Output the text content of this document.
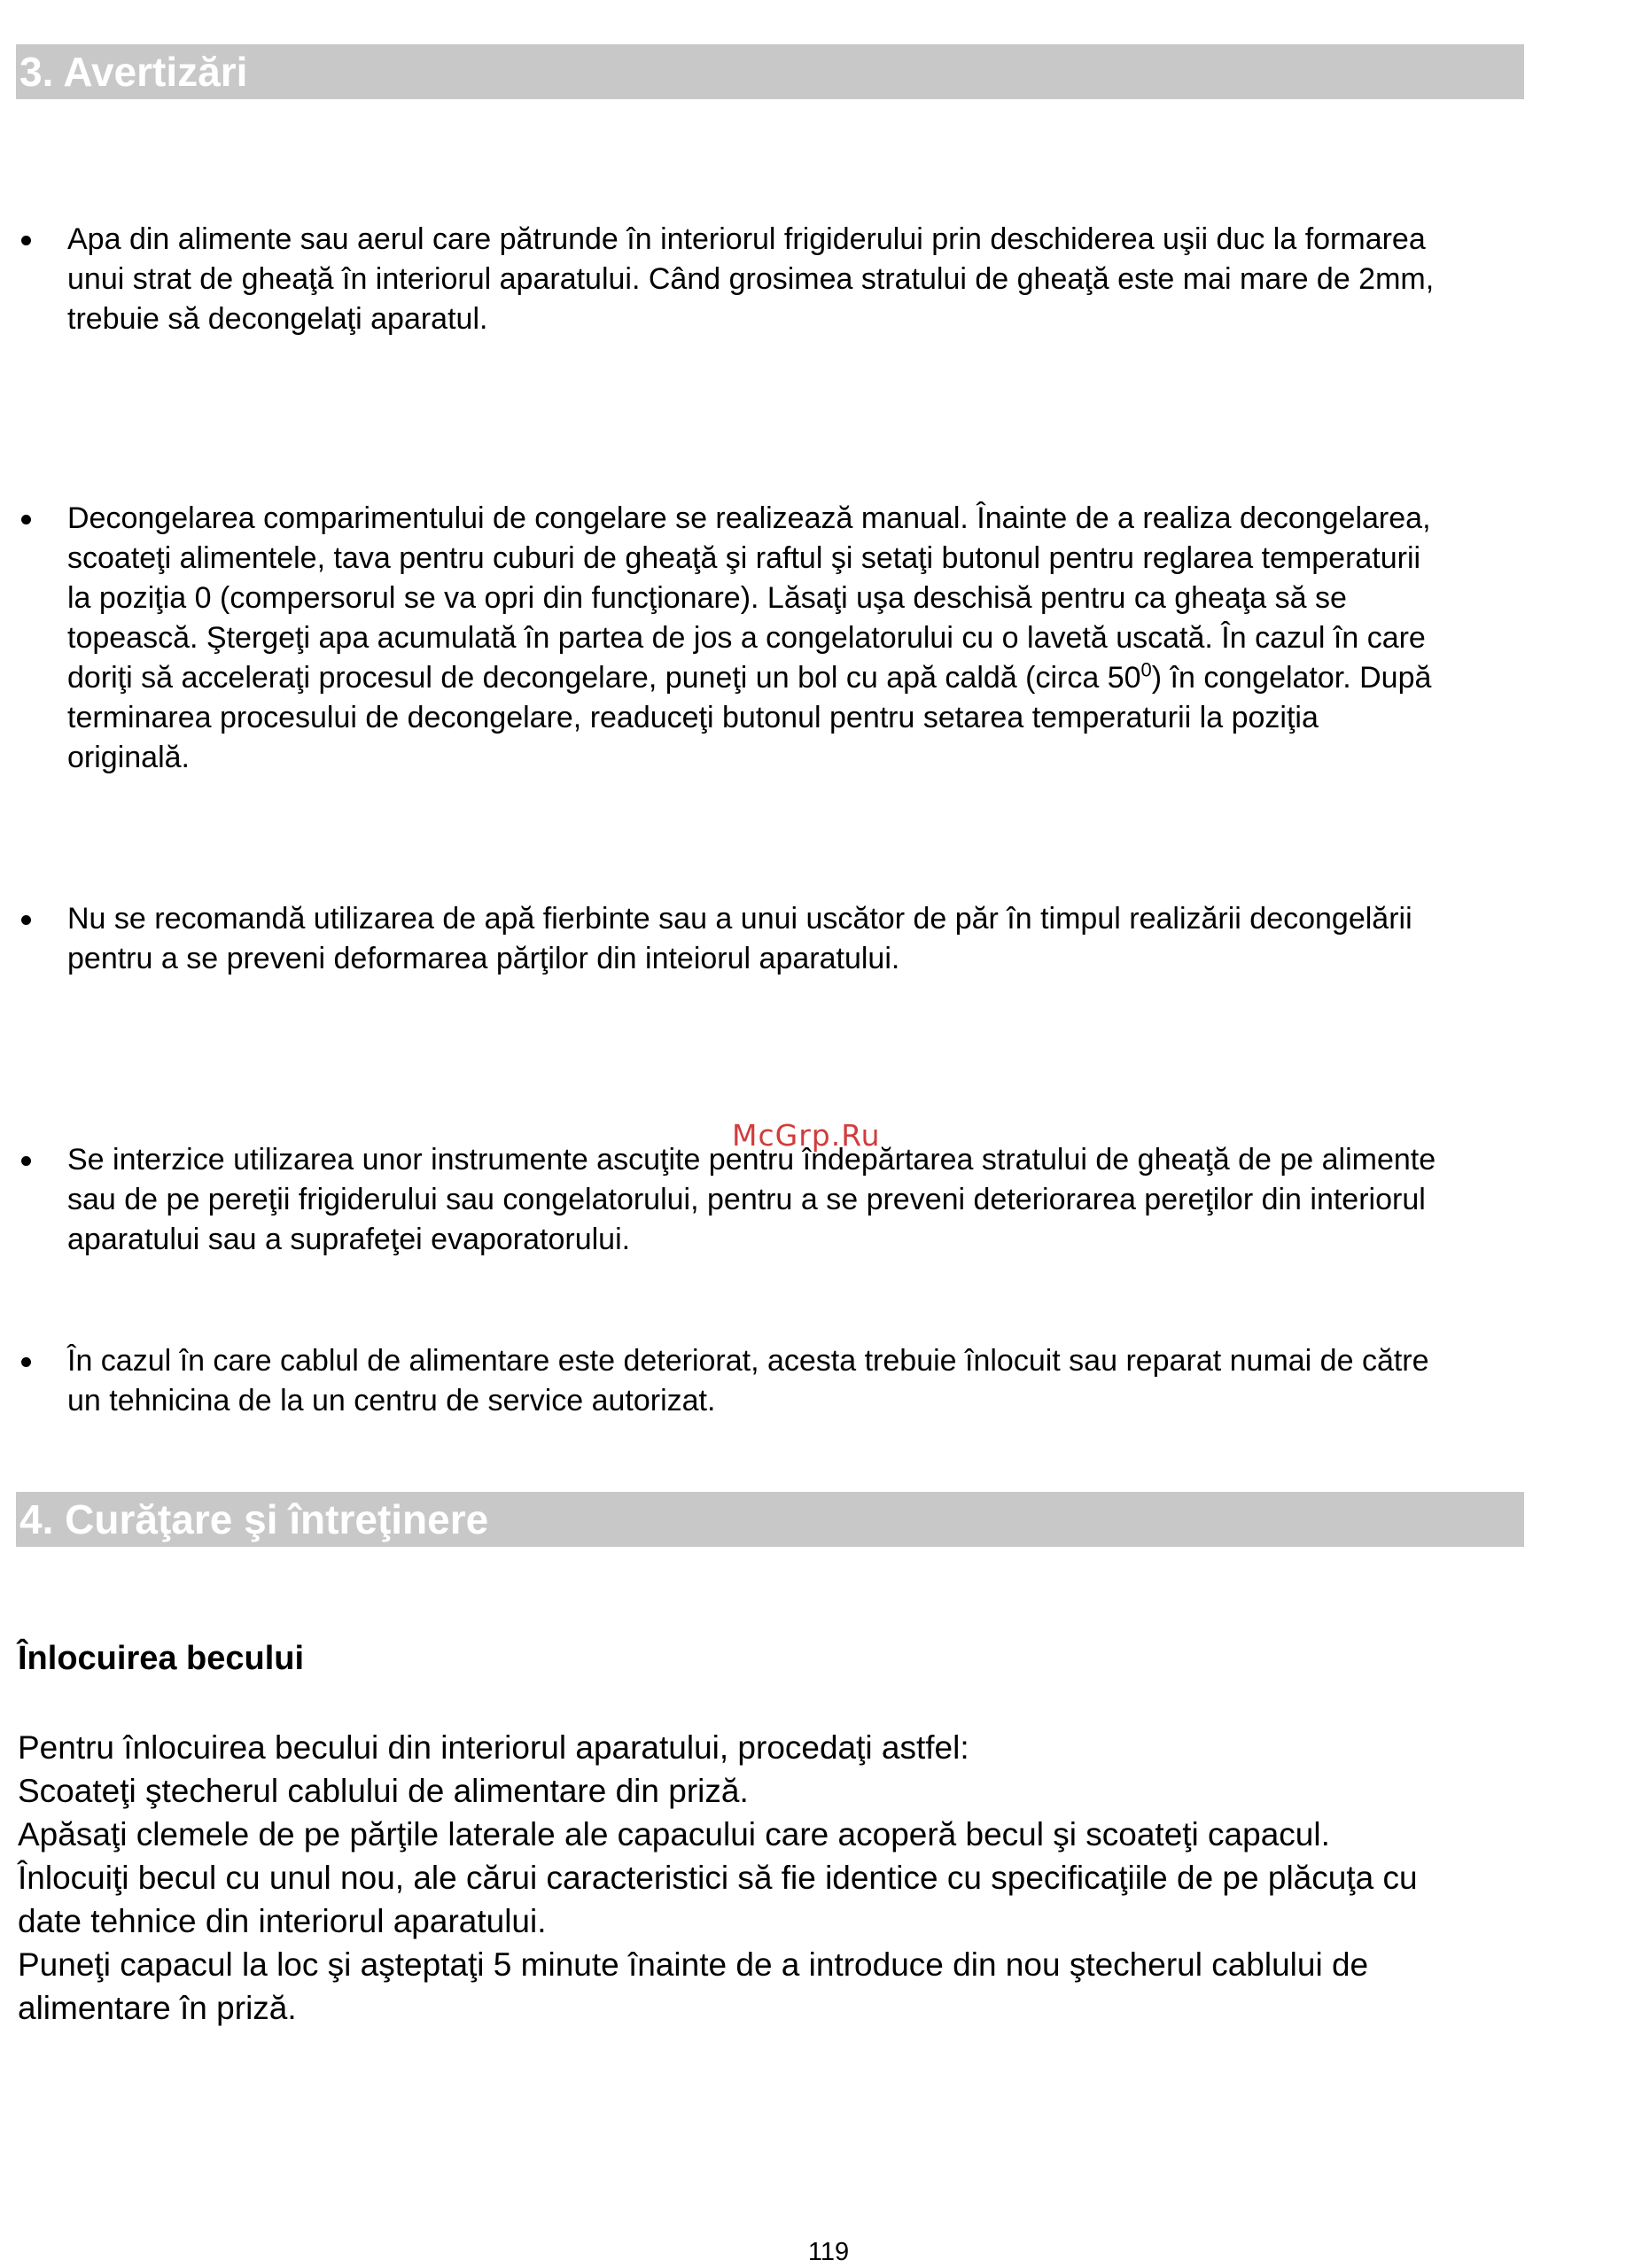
3. Avertizări
Apa din alimente sau aerul care pătrunde în interiorul frigiderului prin deschiderea uşii duc la formarea
unui strat de gheaţă în interiorul aparatului. Când grosimea stratului de gheaţă este mai mare de 2mm,
trebuie să decongelaţi aparatul.
Decongelarea comparimentului de congelare se realizează manual. Înainte de a realiza decongelarea,
scoateţi alimentele, tava pentru cuburi de gheaţă şi raftul şi setaţi butonul pentru reglarea temperaturii
la poziţia 0 (compersorul se va opri din funcţionare). Lăsaţi uşa deschisă pentru ca gheaţa să se
topească. Ştergeţi apa acumulată în partea de jos a congelatorului cu o lavetă uscată. În cazul în care
doriţi să acceleraţi procesul de decongelare, puneţi un bol cu apă caldă (circa $50^0$) în congelator. După
terminarea procesului de decongelare, readuceţi butonul pentru setarea temperaturii la poziţia
originală.
Nu se recomandă utilizarea de apă fierbinte sau a unui uscător de păr în timpul realizării decongelării
pentru a se preveni deformarea părţilor din inteiorul aparatului.
McGrp.Ru
Se interzice utilizarea unor instrumente ascuţite pentru îndepărtarea stratului de gheaţă de pe alimente
sau de pe pereţii frigiderului sau congelatorului, pentru a se preveni deteriorarea pereţilor din interiorul
aparatului sau a suprafeţei evaporatorului.
În cazul în care cablul de alimentare este deteriorat, acesta trebuie înlocuit sau reparat numai de către
un tehnicina de la un centru de service autorizat.
4. Curăţare şi întreţinere
Înlocuirea becului
Pentru înlocuirea becului din interiorul aparatului, procedaţi astfel:
Scoateţi ştecherul cablului de alimentare din priză.
Apăsaţi clemele de pe părţile laterale ale capacului care acoperă becul şi scoateţi capacul.
Înlocuiţi becul cu unul nou, ale cărui caracteristici să fie identice cu specificaţiile de pe plăcuţa cu
date tehnice din interiorul aparatului.
Puneţi capacul la loc şi aşteptaţi 5 minute înainte de a introduce din nou ştecherul cablului de
alimentare în priză.
119
